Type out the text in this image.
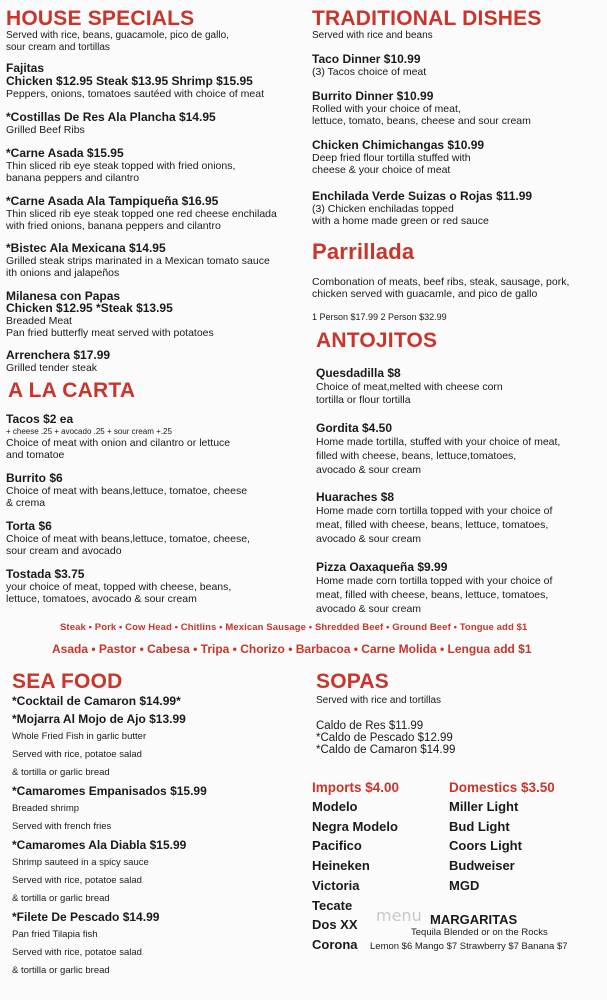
HOUSE SPECIALS
Served with rice, beans, guacamole, pico de gallo,
sour cream and tortillas
Fajitas
Chicken $12.95 Steak $13.95 Shrimp $15.95
Peppers, onions, tomatoes sautéed with choice of meat
*Costillas De Res Ala Plancha $14.95
Grilled Beef Ribs
*Carne Asada $15.95
Thin sliced rib eye steak topped with fried onions,
banana peppers and cilantro
*Carne Asada Ala Tampiqueña $16.95
Thin sliced rib eye steak topped one red cheese enchilada
with fried onions, banana peppers and cilantro
*Bistec Ala Mexicana $14.95
Grilled steak strips marinated in a Mexican tomato sauce
ith onions and jalapeños
Milanesa con Papas
Chicken $12.95 *Steak $13.95
Breaded Meat
Pan fried butterfly meat served with potatoes
Arrenchera $17.99
Grilled tender steak
A LA CARTA
Tacos $2 ea
+ cheese .25 + avocado .25 + sour cream +.25
Choice of meat with onion and cilantro or lettuce
and tomatoe
Burrito $6
Choice of meat with beans,lettuce, tomatoe, cheese
& crema
Torta $6
Choice of meat with beans,lettuce, tomatoe, cheese,
sour cream and avocado
Tostada $3.75
your choice of meat, topped with cheese, beans,
lettuce, tomatoes, avocado & sour cream
TRADITIONAL DISHES
Served with rice and beans
Taco Dinner $10.99
(3) Tacos choice of meat
Burrito Dinner $10.99
Rolled with your choice of meat,
lettuce, tomato, beans, cheese and sour cream
Chicken Chimichangas $10.99
Deep fried flour tortilla stuffed with
cheese & your choice of meat
Enchilada Verde Suizas o Rojas $11.99
(3) Chicken enchiladas topped
with a home made green or red sauce
Parrillada
Combonation of meats, beef ribs, steak, sausage, pork,
chicken served with guacamle, and pico de gallo
1 Person $17.99 2 Person $32.99
ANTOJITOS
Quesdadilla $8
Choice of meat,melted with cheese corn
tortilla or flour tortilla
Gordita $4.50
Home made tortilla, stuffed with your choice of meat,
filled with cheese, beans, lettuce,tomatoes,
avocado & sour cream
Huaraches $8
Home made corn tortilla topped with your choice of
meat, filled with cheese, beans, lettuce, tomatoes,
avocado & sour cream
Pizza Oaxaqueña $9.99
Home made corn tortilla topped with your choice of
meat, filled with cheese, beans, lettuce, tomatoes,
avocado & sour cream
Steak • Pork • Cow Head • Chitlins • Mexican Sausage • Shredded Beef • Ground Beef • Tongue add $1
Asada • Pastor • Cabesa • Tripa • Chorizo • Barbacoa • Carne Molida • Lengua add $1
SEA FOOD
*Cocktail de Camaron $14.99*
*Mojarra Al Mojo de Ajo $13.99
Whole Fried Fish in garlic butter
Served with rice, potatoe salad
& tortilla or garlic bread
*Camaromes Empanisados $15.99
Breaded shrimp
Served with french fries
*Camaromes Ala Diabla $15.99
Shrimp sauteed in a spicy sauce
Served with rice, potatoe salad
& tortilla or garlic bread
*Filete De Pescado $14.99
Pan fried Tilapia fish
Served with rice, potatoe salad
& tortilla or garlic bread
SOPAS
Served with rice and tortillas
Caldo de Res $11.99
*Caldo de Pescado $12.99
*Caldo de Camaron $14.99
Imports $4.00
Modelo
Negra Modelo
Pacifico
Heineken
Victoria
Tecate
Dos XX
Corona
Domestics $3.50
Miller Light
Bud Light
Coors Light
Budweiser
MGD
menu MARGARITAS
Tequila Blended or on the Rocks
Lemon $6 Mango $7 Strawberry $7 Banana $7
